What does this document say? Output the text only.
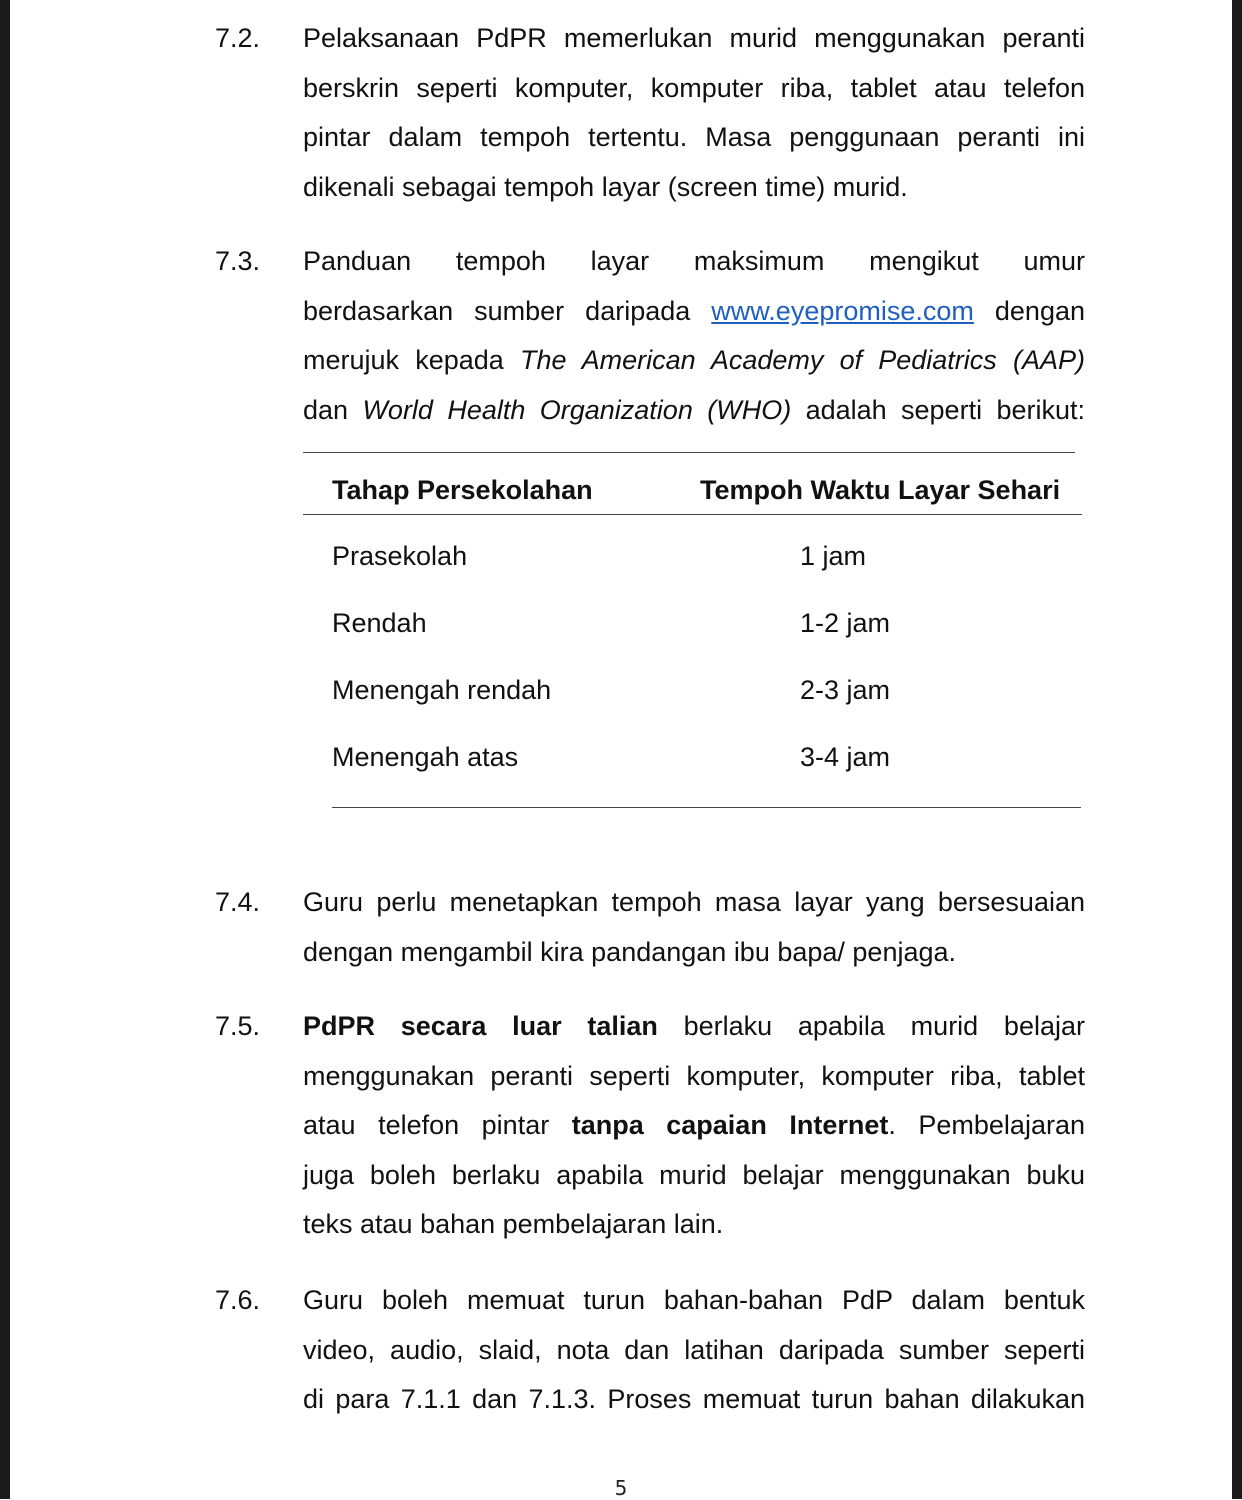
7.2. Pelaksanaan PdPR memerlukan murid menggunakan peranti
berskrin seperti komputer, komputer riba, tablet atau telefon
pintar dalam tempoh tertentu. Masa penggunaan peranti ini
dikenali sebagai tempoh layar (screen time) murid.
7.3. Panduan tempoh layar maksimum mengikut umur
berdasarkan sumber daripada www.eyepromise.com dengan
merujuk kepada The American Academy of Pediatrics (AAP)
dan World Health Organization (WHO) adalah seperti berikut:
Tahap Persekolahan	Tempoh Waktu Layar Sehari
Prasekolah	1 jam
Rendah	1-2 jam
Menengah rendah	2-3 jam
Menengah atas	3-4 jam
7.4. Guru perlu menetapkan tempoh masa layar yang bersesuaian
dengan mengambil kira pandangan ibu bapa/ penjaga.
7.5. PdPR secara luar talian berlaku apabila murid belajar
menggunakan peranti seperti komputer, komputer riba, tablet
atau telefon pintar tanpa capaian Internet. Pembelajaran
juga boleh berlaku apabila murid belajar menggunakan buku
teks atau bahan pembelajaran lain.
7.6. Guru boleh memuat turun bahan-bahan PdP dalam bentuk
video, audio, slaid, nota dan latihan daripada sumber seperti
di para 7.1.1 dan 7.1.3. Proses memuat turun bahan dilakukan
5
